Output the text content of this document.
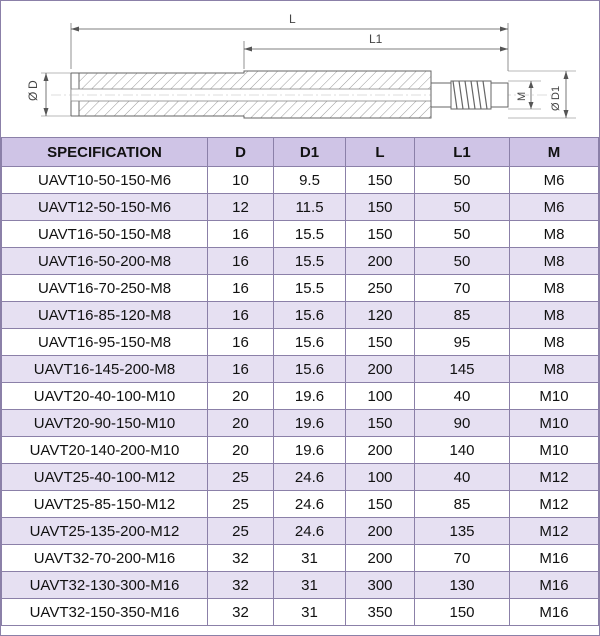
L
L1
Ø
D
M
Ø
D1
SPECIFICATION	D	D1	L	L1	M
UAVT10-50-150-M6	10	9.5	150	50	M6
UAVT12-50-150-M6	12	11.5	150	50	M6
UAVT16-50-150-M8	16	15.5	150	50	M8
UAVT16-50-200-M8	16	15.5	200	50	M8
UAVT16-70-250-M8	16	15.5	250	70	M8
UAVT16-85-120-M8	16	15.6	120	85	M8
UAVT16-95-150-M8	16	15.6	150	95	M8
UAVT16-145-200-M8	16	15.6	200	145	M8
UAVT20-40-100-M10	20	19.6	100	40	M10
UAVT20-90-150-M10	20	19.6	150	90	M10
UAVT20-140-200-M10	20	19.6	200	140	M10
UAVT25-40-100-M12	25	24.6	100	40	M12
UAVT25-85-150-M12	25	24.6	150	85	M12
UAVT25-135-200-M12	25	24.6	200	135	M12
UAVT32-70-200-M16	32	31	200	70	M16
UAVT32-130-300-M16	32	31	300	130	M16
UAVT32-150-350-M16	32	31	350	150	M16
